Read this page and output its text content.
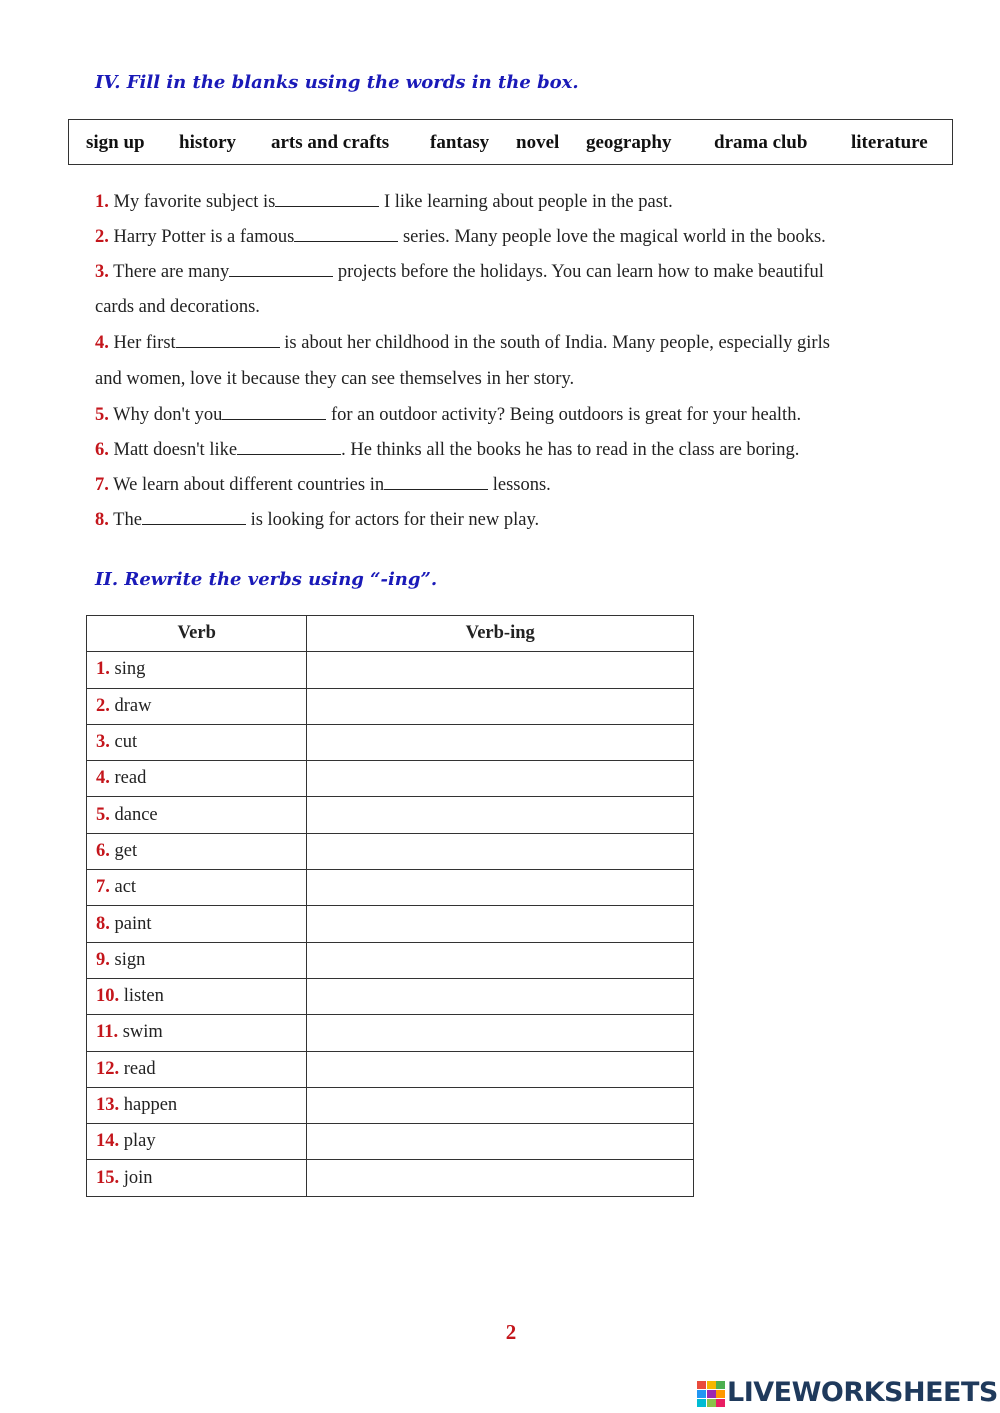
IV. Fill in the blanks using the words in the box.
sign up history arts and crafts fantasy novel geography drama club literature
1. My favorite subject is	I like learning about people in the past.
2. Harry Potter is a famous	series. Many people love the magical world in the books.
3. There are many	projects before the holidays. You can learn how to make beautiful
cards and decorations.
4. Her first	is about her childhood in the south of India. Many people, especially girls
and women, love it because they can see themselves in her story.
5. Why don't you	for an outdoor activity? Being outdoors is great for your health.
6. Matt doesn't like	. He thinks all the books he has to read in the class are boring.
7. We learn about different countries in	lessons.
8. The	is looking for actors for their new play.
II. Rewrite the verbs using “-ing”.
Verb	Verb-ing
1. sing	
2. draw	
3. cut	
4. read	
5. dance	
6. get	
7. act	
8. paint	
9. sign	
10. listen	
11. swim	
12. read	
13. happen	
14. play	
15. join	
2
LIVEWORKSHEETS
